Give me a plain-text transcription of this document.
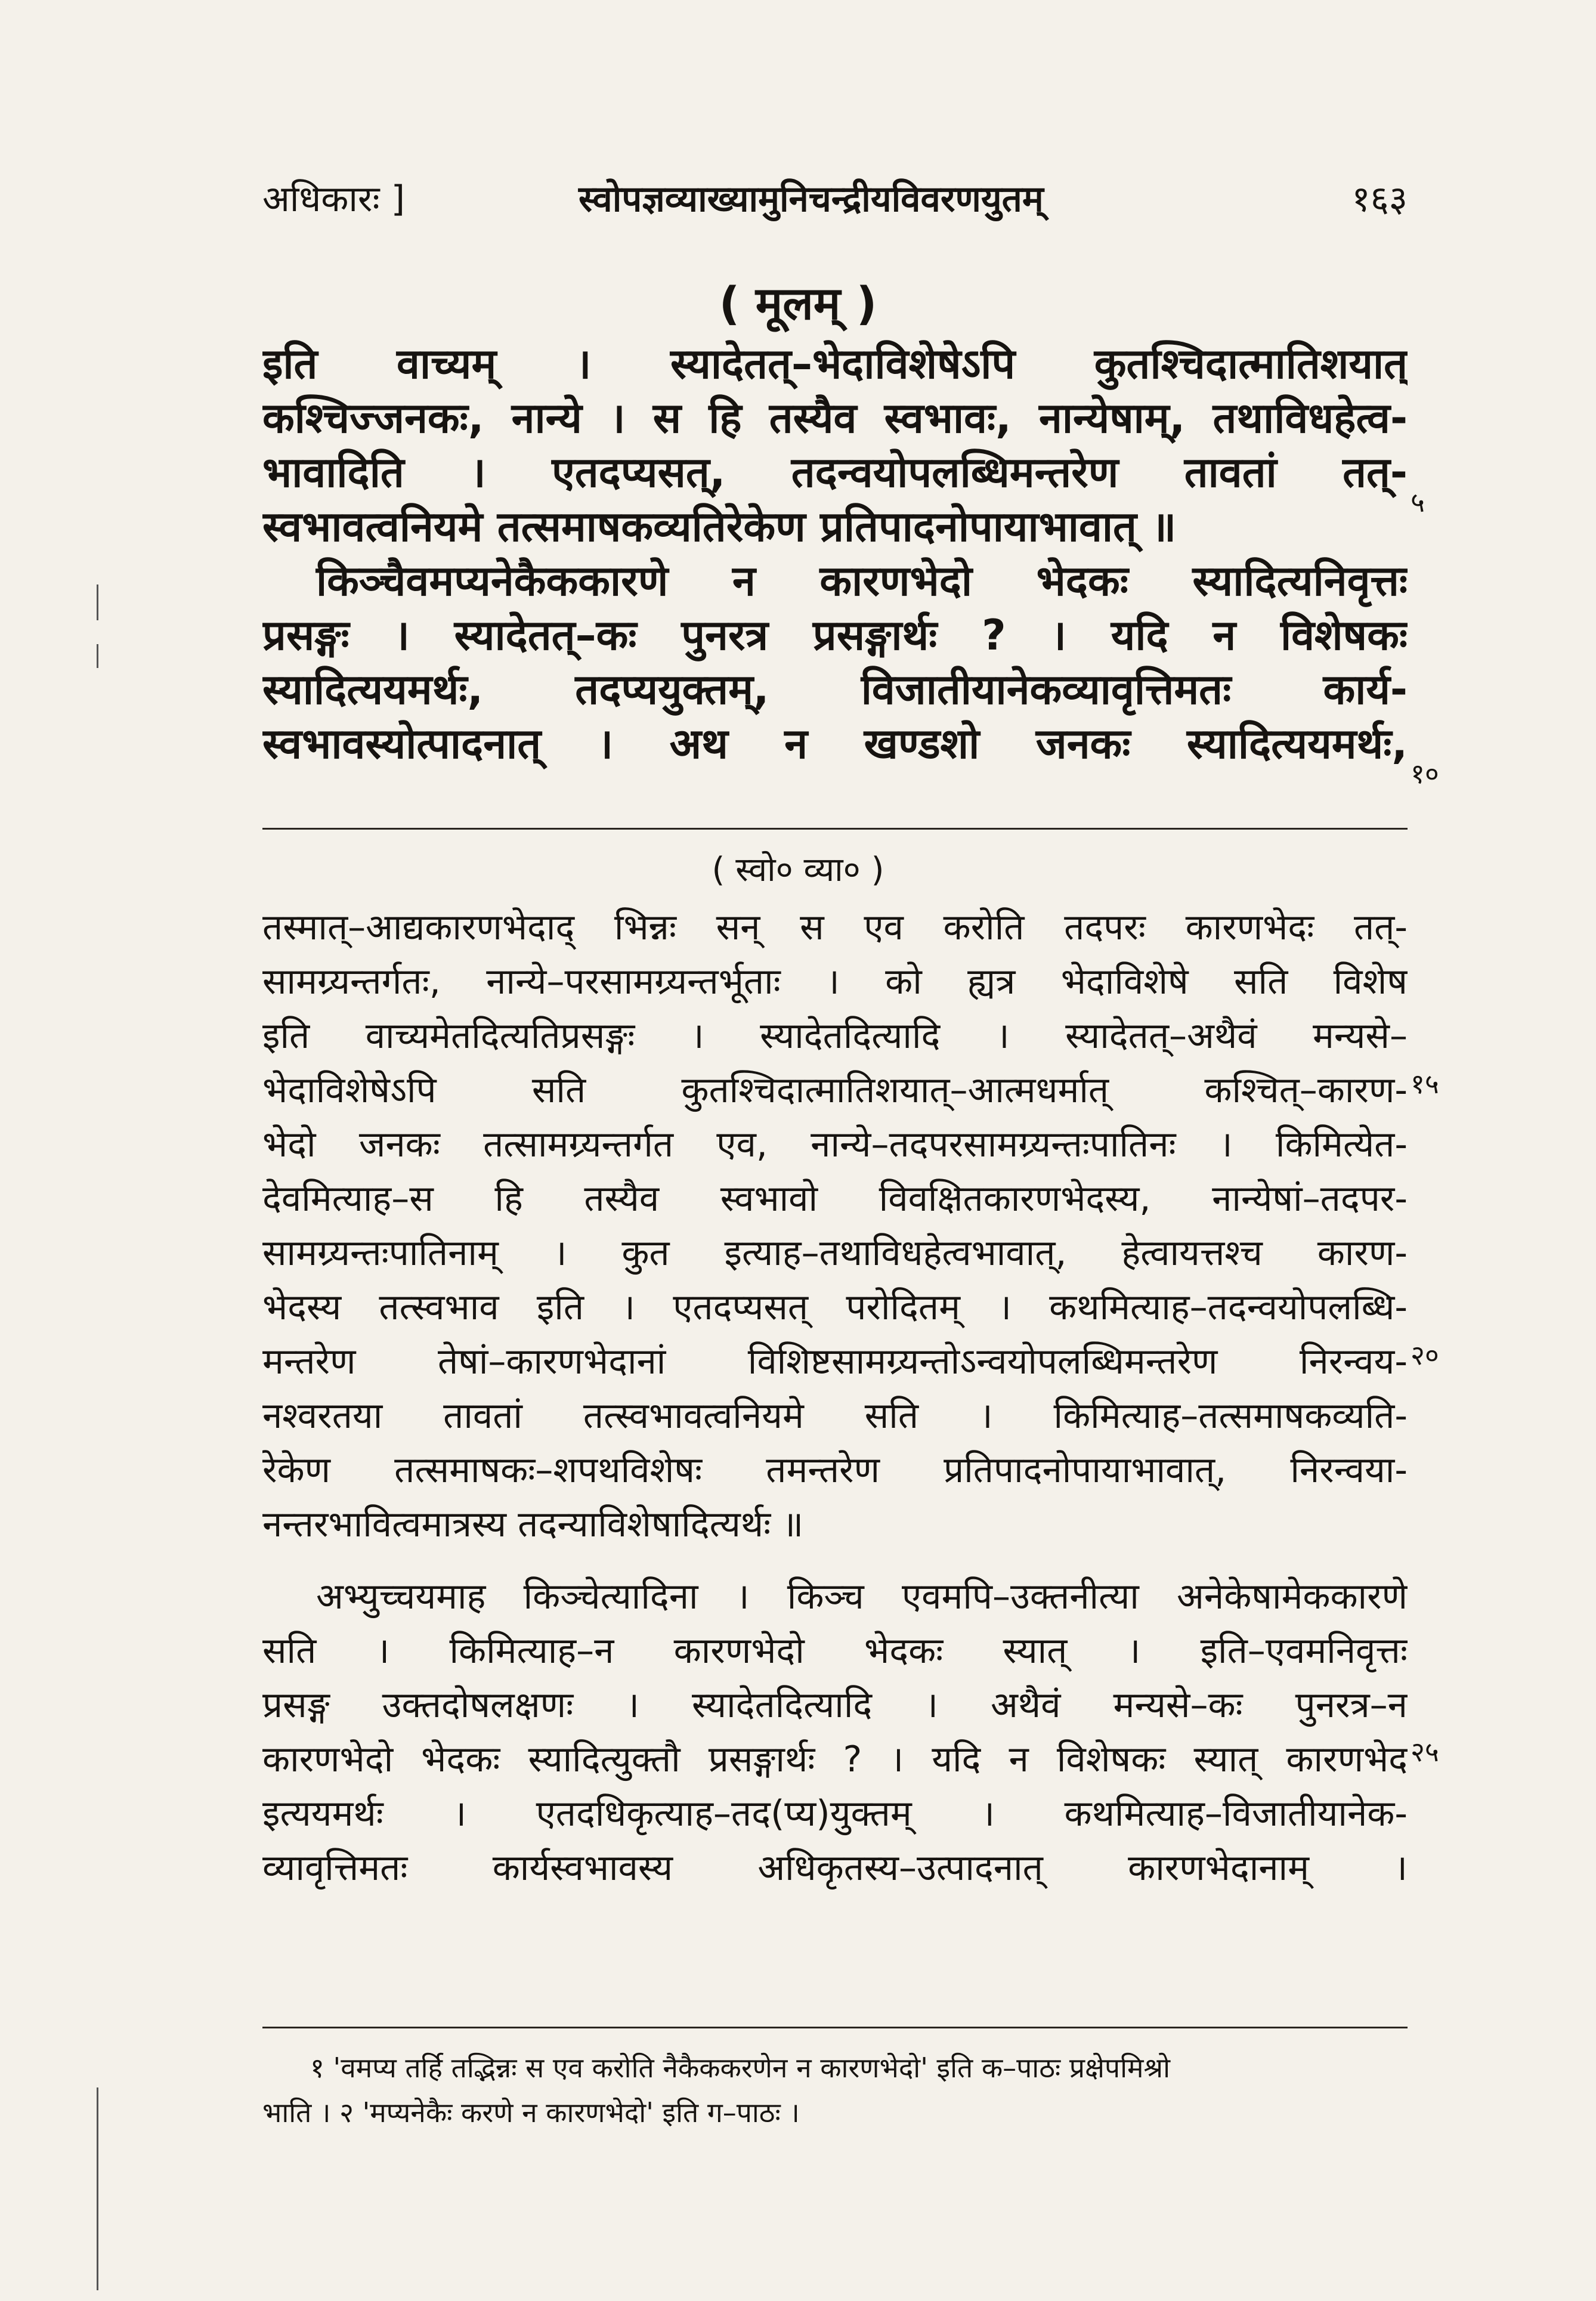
अधिकारः ]	स्वोपज्ञव्याख्यामुनिचन्द्रीयविवरणयुतम्	१६३
( मूलम् )
इति वाच्यम् । स्यादेतत्–भेदाविशेषेऽपि कुतश्चिदात्मातिशयात्
कश्चिज्जनकः, नान्ये । स हि तस्यैव स्वभावः, नान्येषाम्, तथाविधहेत्व-
भावादिति । एतदप्यसत्, तदन्वयोपलब्धिमन्तरेण तावतां तत्-
स्वभावत्वनियमे तत्समाषकव्यतिरेकेण प्रतिपादनोपायाभावात् ॥
किञ्चैवमप्यनेकैककारणे न कारणभेदो भेदकः स्यादित्यनिवृत्तः
प्रसङ्गः । स्यादेतत्–कः पुनरत्र प्रसङ्गार्थः ? । यदि न विशेषकः
स्यादित्ययमर्थः, तदप्ययुक्तम्, विजातीयानेकव्यावृत्तिमतः कार्य-
स्वभावस्योत्पादनात् । अथ न खण्डशो जनकः स्यादित्ययमर्थः,
५
१०
( स्वो० व्या० )
तस्मात्–आद्यकारणभेदाद् भिन्नः सन् स एव करोति तदपरः कारणभेदः तत्-
सामग्र्यन्तर्गतः, नान्ये–परसामग्र्यन्तर्भूताः । को ह्यत्र भेदाविशेषे सति विशेष
इति वाच्यमेतदित्यतिप्रसङ्गः । स्यादेतदित्यादि । स्यादेतत्–अथैवं मन्यसे–
भेदाविशेषेऽपि सति कुतश्चिदात्मातिशयात्–आत्मधर्मात् कश्चित्–कारण-
भेदो जनकः तत्सामग्र्यन्तर्गत एव, नान्ये–तदपरसामग्र्यन्तःपातिनः । किमित्येत-
देवमित्याह–स हि तस्यैव स्वभावो विवक्षितकारणभेदस्य, नान्येषां–तदपर-
सामग्र्यन्तःपातिनाम् । कुत इत्याह–तथाविधहेत्वभावात्, हेत्वायत्तश्च कारण-
भेदस्य तत्स्वभाव इति । एतदप्यसत् परोदितम् । कथमित्याह–तदन्वयोपलब्धि-
मन्तरेण तेषां–कारणभेदानां विशिष्टसामग्र्यन्तोऽन्वयोपलब्धिमन्तरेण निरन्वय-
नश्वरतया तावतां तत्स्वभावत्वनियमे सति । किमित्याह–तत्समाषकव्यति-
रेकेण तत्समाषकः–शपथविशेषः तमन्तरेण प्रतिपादनोपायाभावात्, निरन्वया-
नन्तरभावित्वमात्रस्य तदन्याविशेषादित्यर्थः ॥
अभ्युच्चयमाह किञ्चेत्यादिना । किञ्च एवमपि–उक्तनीत्या अनेकेषामेककारणे
सति । किमित्याह–न कारणभेदो भेदकः स्यात् । इति–एवमनिवृत्तः
प्रसङ्ग उक्तदोषलक्षणः । स्यादेतदित्यादि । अथैवं मन्यसे–कः पुनरत्र–न
कारणभेदो भेदकः स्यादित्युक्तौ प्रसङ्गार्थः ? । यदि न विशेषकः स्यात् कारणभेद
इत्ययमर्थः । एतदधिकृत्याह–तद(प्य)युक्तम् । कथमित्याह–विजातीयानेक-
व्यावृत्तिमतः कार्यस्वभावस्य अधिकृतस्य–उत्पादनात् कारणभेदानाम् ।
१५
२०
२५
१ 'वमप्य तर्हि तद्भिन्नः स एव करोति नैकैककरणेन न कारणभेदो' इति क–पाठः प्रक्षेपमिश्रो
भाति । २ 'मप्यनेकैः करणे न कारणभेदो' इति ग–पाठः ।
